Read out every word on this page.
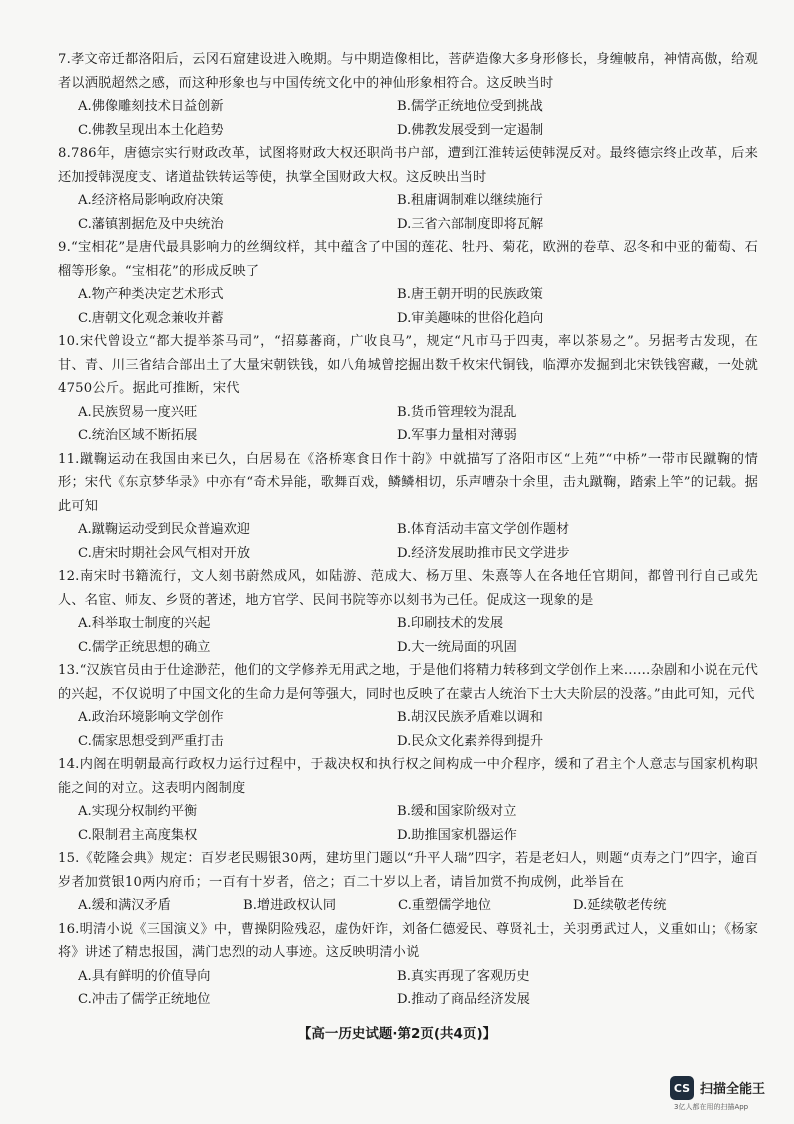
7.孝文帝迁都洛阳后，云冈石窟建设进入晚期。与中期造像相比，菩萨造像大多身形修长，身缠帔帛，神情高傲，给观者以洒脱超然之感，而这种形象也与中国传统文化中的神仙形象相符合。这反映当时

A.佛像雕刻技术日益创新	B.儒学正统地位受到挑战
C.佛教呈现出本土化趋势	D.佛教发展受到一定遏制

8.786年，唐德宗实行财政改革，试图将财政大权还职尚书户部，遭到江淮转运使韩滉反对。最终德宗终止改革，后来还加授韩滉度支、诸道盐铁转运等使，执掌全国财政大权。这反映出当时

A.经济格局影响政府决策	B.租庸调制难以继续施行
C.藩镇割据危及中央统治	D.三省六部制度即将瓦解

9.“宝相花”是唐代最具影响力的丝绸纹样，其中蕴含了中国的莲花、牡丹、菊花，欧洲的卷草、忍冬和中亚的葡萄、石榴等形象。“宝相花”的形成反映了

A.物产种类决定艺术形式	B.唐王朝开明的民族政策
C.唐朝文化观念兼收并蓄	D.审美趣味的世俗化趋向

10.宋代曾设立“都大提举茶马司”，“招募蕃商，广收良马”，规定“凡市马于四夷，率以茶易之”。另据考古发现，在甘、青、川三省结合部出土了大量宋朝铁钱，如八角城曾挖掘出数千枚宋代铜钱，临潭亦发掘到北宋铁钱窖藏，一处就4750公斤。据此可推断，宋代

A.民族贸易一度兴旺	B.货币管理较为混乱
C.统治区域不断拓展	D.军事力量相对薄弱

11.蹴鞠运动在我国由来已久，白居易在《洛桥寒食日作十韵》中就描写了洛阳市区“上苑”“中桥”一带市民蹴鞠的情形；宋代《东京梦华录》中亦有“奇术异能，歌舞百戏，鳞鳞相切，乐声嘈杂十余里，击丸蹴鞠，踏索上竿”的记载。据此可知

A.蹴鞠运动受到民众普遍欢迎	B.体育活动丰富文学创作题材
C.唐宋时期社会风气相对开放	D.经济发展助推市民文学进步

12.南宋时书籍流行，文人刻书蔚然成风，如陆游、范成大、杨万里、朱熹等人在各地任官期间，都曾刊行自己或先人、名宦、师友、乡贤的著述，地方官学、民间书院等亦以刻书为己任。促成这一现象的是

A.科举取士制度的兴起	B.印刷技术的发展
C.儒学正统思想的确立	D.大一统局面的巩固

13.“汉族官员由于仕途渺茫，他们的文学修养无用武之地，于是他们将精力转移到文学创作上来……杂剧和小说在元代的兴起，不仅说明了中国文化的生命力是何等强大，同时也反映了在蒙古人统治下士大夫阶层的没落。”由此可知，元代

A.政治环境影响文学创作	B.胡汉民族矛盾难以调和
C.儒家思想受到严重打击	D.民众文化素养得到提升

14.内阁在明朝最高行政权力运行过程中，于裁决权和执行权之间构成一中介程序，缓和了君主个人意志与国家机构职能之间的对立。这表明内阁制度

A.实现分权制约平衡	B.缓和国家阶级对立
C.限制君主高度集权	D.助推国家机器运作

15.《乾隆会典》规定：百岁老民赐银30两，建坊里门题以“升平人瑞”四字，若是老妇人，则题“贞寿之门”四字，逾百岁者加赏银10两内府币；一百有十岁者，倍之；百二十岁以上者，请旨加赏不拘成例，此举旨在

A.缓和满汉矛盾	B.增进政权认同	C.重塑儒学地位	D.延续敬老传统

16.明清小说《三国演义》中，曹操阴险残忍，虚伪奸诈，刘备仁德爱民、尊贤礼士，关羽勇武过人，义重如山；《杨家将》讲述了精忠报国，满门忠烈的动人事迹。这反映明清小说

A.具有鲜明的价值导向	B.真实再现了客观历史
C.冲击了儒学正统地位	D.推动了商品经济发展
【高一历史试题·第2页(共4页)】
CS 扫描全能王
3亿人都在用的扫描App
